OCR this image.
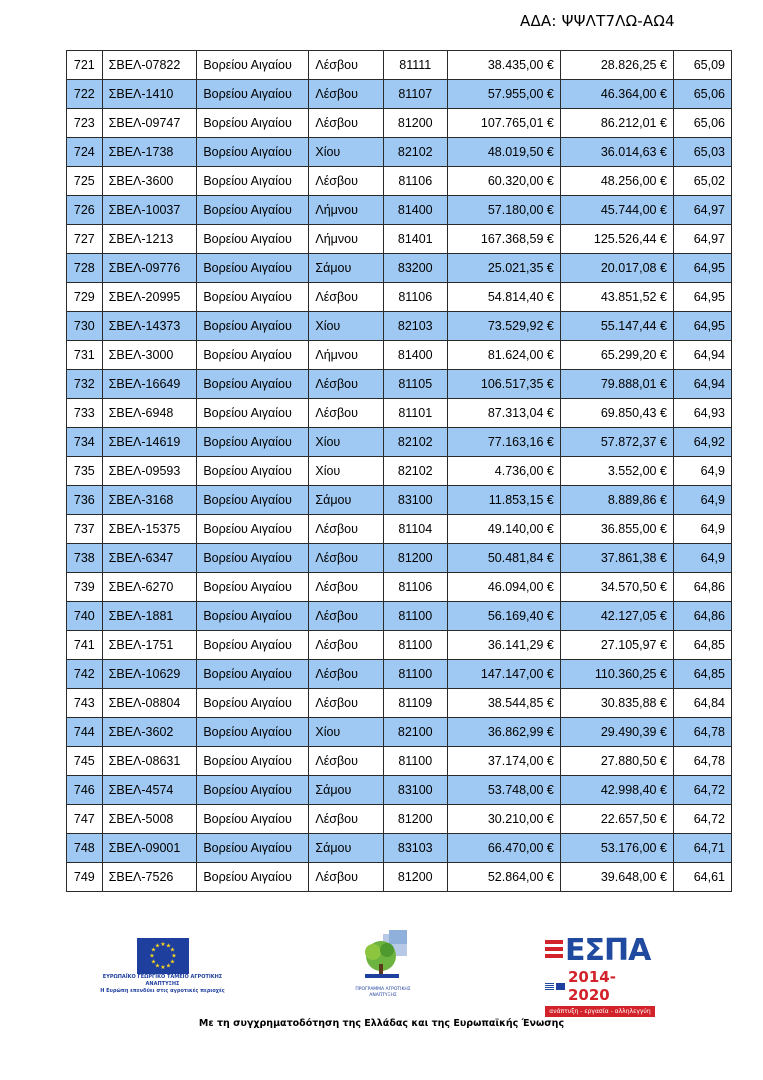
ΑΔΑ: ΨΨΛΤ7ΛΩ-ΑΩ4
721	ΣΒΕΛ-07822	Βορείου Αιγαίου	Λέσβου	81111	38.435,00 €	28.826,25 €	65,09
722	ΣΒΕΛ-1410	Βορείου Αιγαίου	Λέσβου	81107	57.955,00 €	46.364,00 €	65,06
723	ΣΒΕΛ-09747	Βορείου Αιγαίου	Λέσβου	81200	107.765,01 €	86.212,01 €	65,06
724	ΣΒΕΛ-1738	Βορείου Αιγαίου	Χίου	82102	48.019,50 €	36.014,63 €	65,03
725	ΣΒΕΛ-3600	Βορείου Αιγαίου	Λέσβου	81106	60.320,00 €	48.256,00 €	65,02
726	ΣΒΕΛ-10037	Βορείου Αιγαίου	Λήμνου	81400	57.180,00 €	45.744,00 €	64,97
727	ΣΒΕΛ-1213	Βορείου Αιγαίου	Λήμνου	81401	167.368,59 €	125.526,44 €	64,97
728	ΣΒΕΛ-09776	Βορείου Αιγαίου	Σάμου	83200	25.021,35 €	20.017,08 €	64,95
729	ΣΒΕΛ-20995	Βορείου Αιγαίου	Λέσβου	81106	54.814,40 €	43.851,52 €	64,95
730	ΣΒΕΛ-14373	Βορείου Αιγαίου	Χίου	82103	73.529,92 €	55.147,44 €	64,95
731	ΣΒΕΛ-3000	Βορείου Αιγαίου	Λήμνου	81400	81.624,00 €	65.299,20 €	64,94
732	ΣΒΕΛ-16649	Βορείου Αιγαίου	Λέσβου	81105	106.517,35 €	79.888,01 €	64,94
733	ΣΒΕΛ-6948	Βορείου Αιγαίου	Λέσβου	81101	87.313,04 €	69.850,43 €	64,93
734	ΣΒΕΛ-14619	Βορείου Αιγαίου	Χίου	82102	77.163,16 €	57.872,37 €	64,92
735	ΣΒΕΛ-09593	Βορείου Αιγαίου	Χίου	82102	4.736,00 €	3.552,00 €	64,9
736	ΣΒΕΛ-3168	Βορείου Αιγαίου	Σάμου	83100	11.853,15 €	8.889,86 €	64,9
737	ΣΒΕΛ-15375	Βορείου Αιγαίου	Λέσβου	81104	49.140,00 €	36.855,00 €	64,9
738	ΣΒΕΛ-6347	Βορείου Αιγαίου	Λέσβου	81200	50.481,84 €	37.861,38 €	64,9
739	ΣΒΕΛ-6270	Βορείου Αιγαίου	Λέσβου	81106	46.094,00 €	34.570,50 €	64,86
740	ΣΒΕΛ-1881	Βορείου Αιγαίου	Λέσβου	81100	56.169,40 €	42.127,05 €	64,86
741	ΣΒΕΛ-1751	Βορείου Αιγαίου	Λέσβου	81100	36.141,29 €	27.105,97 €	64,85
742	ΣΒΕΛ-10629	Βορείου Αιγαίου	Λέσβου	81100	147.147,00 €	110.360,25 €	64,85
743	ΣΒΕΛ-08804	Βορείου Αιγαίου	Λέσβου	81109	38.544,85 €	30.835,88 €	64,84
744	ΣΒΕΛ-3602	Βορείου Αιγαίου	Χίου	82100	36.862,99 €	29.490,39 €	64,78
745	ΣΒΕΛ-08631	Βορείου Αιγαίου	Λέσβου	81100	37.174,00 €	27.880,50 €	64,78
746	ΣΒΕΛ-4574	Βορείου Αιγαίου	Σάμου	83100	53.748,00 €	42.998,40 €	64,72
747	ΣΒΕΛ-5008	Βορείου Αιγαίου	Λέσβου	81200	30.210,00 €	22.657,50 €	64,72
748	ΣΒΕΛ-09001	Βορείου Αιγαίου	Σάμου	83103	66.470,00 €	53.176,00 €	64,71
749	ΣΒΕΛ-7526	Βορείου Αιγαίου	Λέσβου	81200	52.864,00 €	39.648,00 €	64,61
★ ★
★
★
★
★
★
★
★
★
★
★
ΕΥΡΩΠΑΪΚΟ ΓΕΩΡΓΙΚΟ ΤΑΜΕΙΟ ΑΓΡΟΤΙΚΗΣ ΑΝΑΠΤΥΞΗΣ
Η Ευρώπη επενδύει στις αγροτικές περιοχές	ΠΡΟΓΡΑΜΜΑ ΑΓΡΟΤΙΚΗΣ ΑΝΑΠΤΥΞΗΣ
ΕΣΠΑ
2014-2020
ανάπτυξη - εργασία - αλληλεγγύη
Με τη συγχρηματοδότηση της Ελλάδας και της Ευρωπαϊκής Ένωσης
